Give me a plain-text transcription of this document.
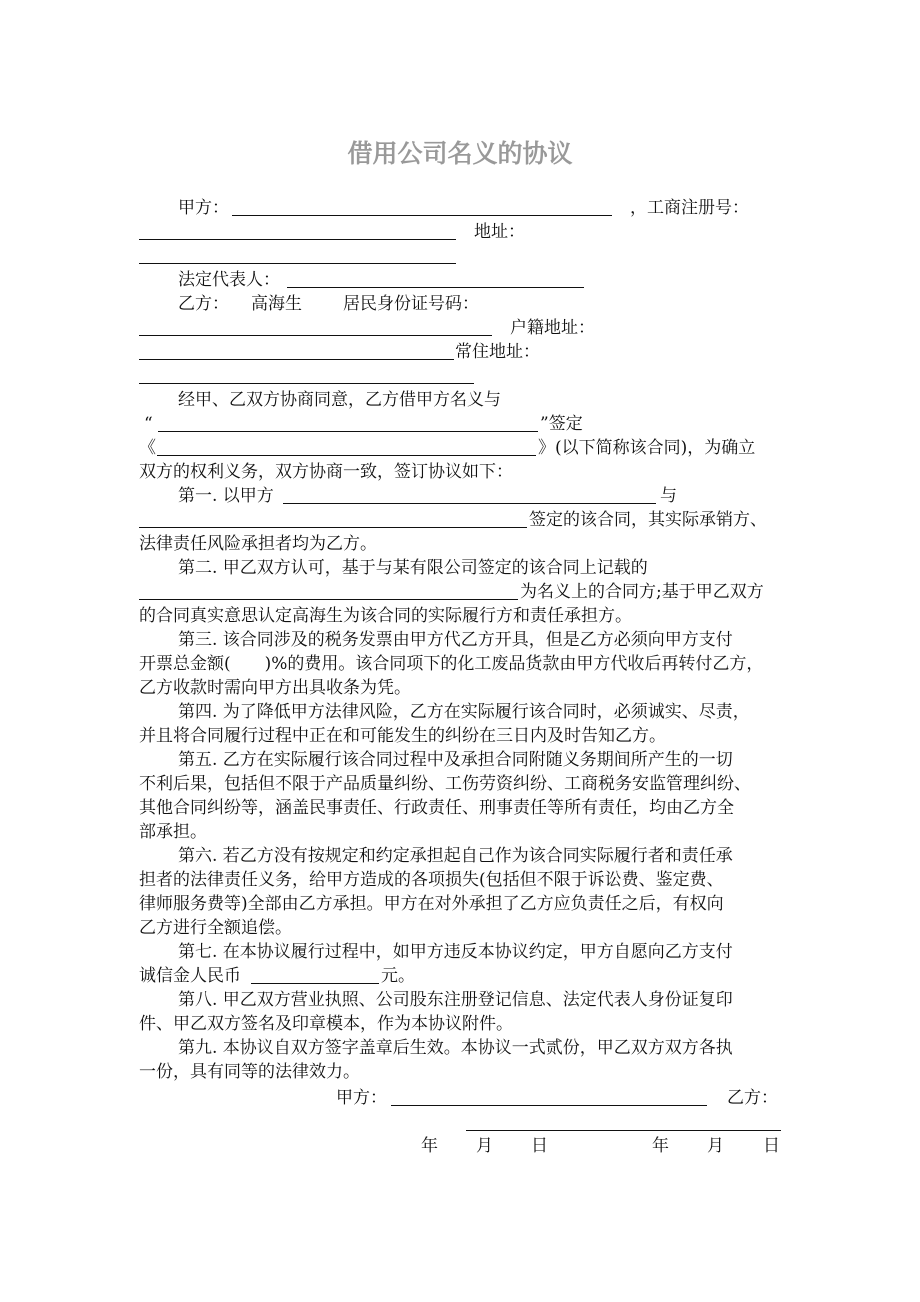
借用公司名义的协议
甲方：	，工商注册号：
地址：
法定代表人：
乙方： 高海生 居民身份证号码：
户籍地址：
常住地址：
经甲、乙双方协商同意，乙方借甲方名义与
“	”签定
《	》(以下简称该合同)，为确立
双方的权利义务，双方协商一致，签订协议如下：
第一. 以甲方	与
签定的该合同，其实际承销方、
法律责任风险承担者均为乙方。
第二. 甲乙双方认可，基于与某有限公司签定的该合同上记载的
为名义上的合同方;基于甲乙双方
的合同真实意思认定高海生为该合同的实际履行方和责任承担方。
第三. 该合同涉及的税务发票由甲方代乙方开具，但是乙方必须向甲方支付
开票总金额(　　)%的费用。该合同项下的化工废品货款由甲方代收后再转付乙方，
乙方收款时需向甲方出具收条为凭。
第四. 为了降低甲方法律风险，乙方在实际履行该合同时，必须诚实、尽责，
并且将合同履行过程中正在和可能发生的纠纷在三日内及时告知乙方。
第五. 乙方在实际履行该合同过程中及承担合同附随义务期间所产生的一切
不利后果，包括但不限于产品质量纠纷、工伤劳资纠纷、工商税务安监管理纠纷、
其他合同纠纷等，涵盖民事责任、行政责任、刑事责任等所有责任，均由乙方全
部承担。
第六. 若乙方没有按规定和约定承担起自己作为该合同实际履行者和责任承
担者的法律责任义务，给甲方造成的各项损失(包括但不限于诉讼费、鉴定费、
律师服务费等)全部由乙方承担。甲方在对外承担了乙方应负责任之后，有权向
乙方进行全额追偿。
第七. 在本协议履行过程中，如甲方违反本协议约定，甲方自愿向乙方支付
诚信金人民币	元。
第八. 甲乙双方营业执照、公司股东注册登记信息、法定代表人身份证复印
件、甲乙双方签名及印章模本，作为本协议附件。
第九. 本协议自双方签字盖章后生效。本协议一式贰份，甲乙双方双方各执
一份，具有同等的法律效力。
甲方：	乙方：
年 月 日	年 月 日
